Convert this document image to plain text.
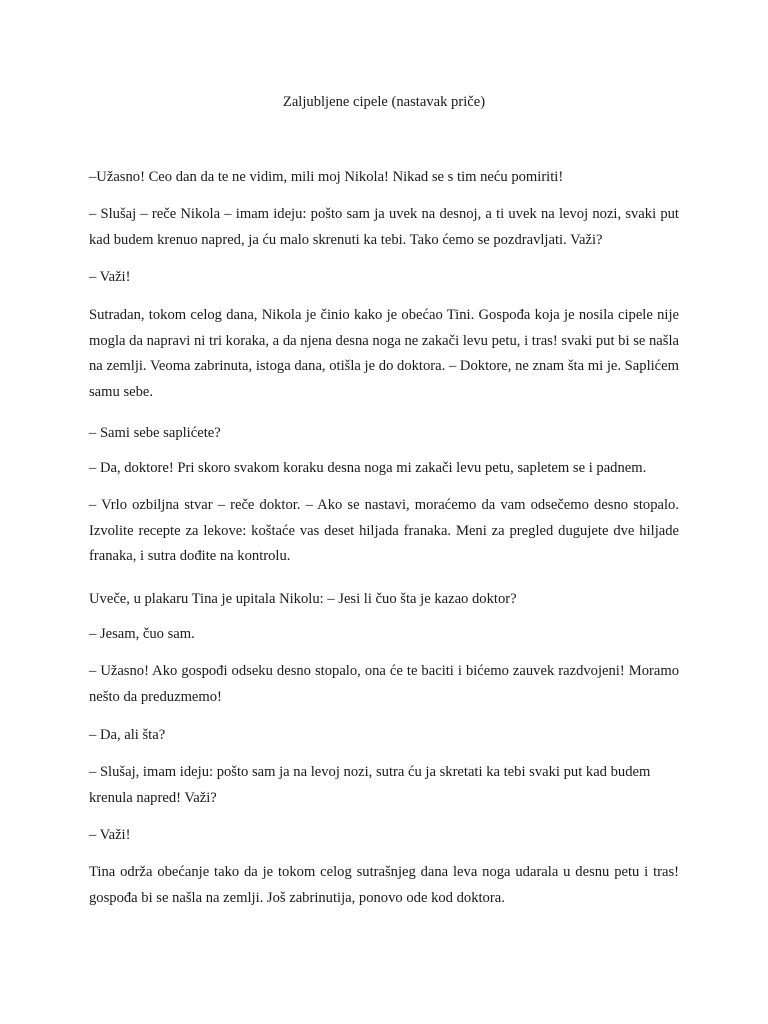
Zaljubljene cipele (nastavak priče)

–Užasno! Ceo dan da te ne vidim, mili moj Nikola! Nikad se s tim neću pomiriti!

– Slušaj – reče Nikola – imam ideju: pošto sam ja uvek na desnoj, a ti uvek na levoj nozi, svaki put kad budem krenuo napred, ja ću malo skrenuti ka tebi. Tako ćemo se pozdravljati. Važi?

– Važi!

Sutradan, tokom celog dana, Nikola je činio kako je obećao Tini. Gospođa koja je nosila cipele nije mogla da napravi ni tri koraka, a da njena desna noga ne zakači levu petu, i tras! svaki put bi se našla na zemlji. Veoma zabrinuta, istoga dana, otišla je do doktora. – Doktore, ne znam šta mi je. Saplićem samu sebe.

– Sami sebe saplićete?

– Da, doktore! Pri skoro svakom koraku desna noga mi zakači levu petu, sapletem se i padnem.

– Vrlo ozbiljna stvar – reče doktor. – Ako se nastavi, moraćemo da vam odsečemo desno stopalo. Izvolite recepte za lekove: koštaće vas deset hiljada franaka. Meni za pregled dugujete dve hiljade franaka, i sutra dođite na kontrolu.

Uveče, u plakaru Tina je upitala Nikolu: – Jesi li čuo šta je kazao doktor?

– Jesam, čuo sam.

– Užasno! Ako gospođi odseku desno stopalo, ona će te baciti i bićemo zauvek razdvojeni! Moramo nešto da preduzmemo!

– Da, ali šta?

– Slušaj, imam ideju: pošto sam ja na levoj nozi, sutra ću ja skretati ka tebi svaki put kad budem krenula napred! Važi?

– Važi!

Tina održa obećanje tako da je tokom celog sutrašnjeg dana leva noga udarala u desnu petu i tras! gospođa bi se našla na zemlji. Još zabrinutija, ponovo ode kod doktora.
